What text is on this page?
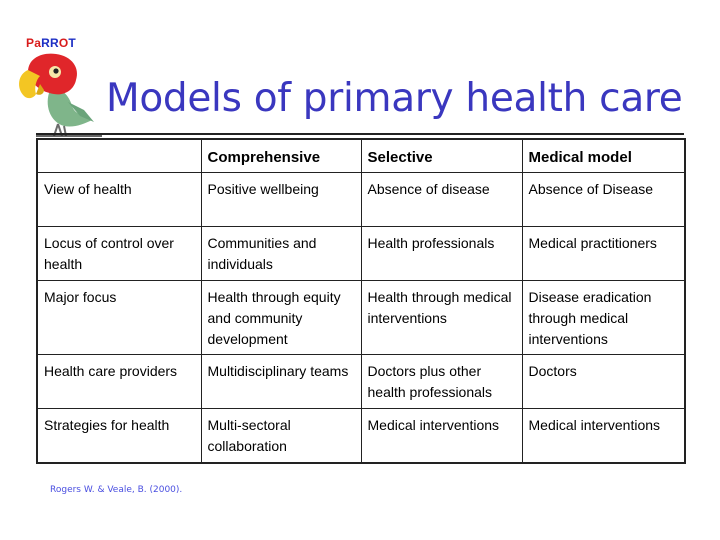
PaRROT
Models of primary health care
	Comprehensive	Selective	Medical model
View of health	Positive wellbeing	Absence of disease	Absence of Disease
Locus of control over health	Communities and individuals	Health professionals	Medical practitioners
Major focus	Health through equity and community development	Health through medical interventions	Disease eradication through medical interventions
Health care providers	Multidisciplinary teams	Doctors plus other health professionals	Doctors
Strategies for health	Multi-sectoral collaboration	Medical interventions	Medical interventions
Rogers W. & Veale, B. (2000).
